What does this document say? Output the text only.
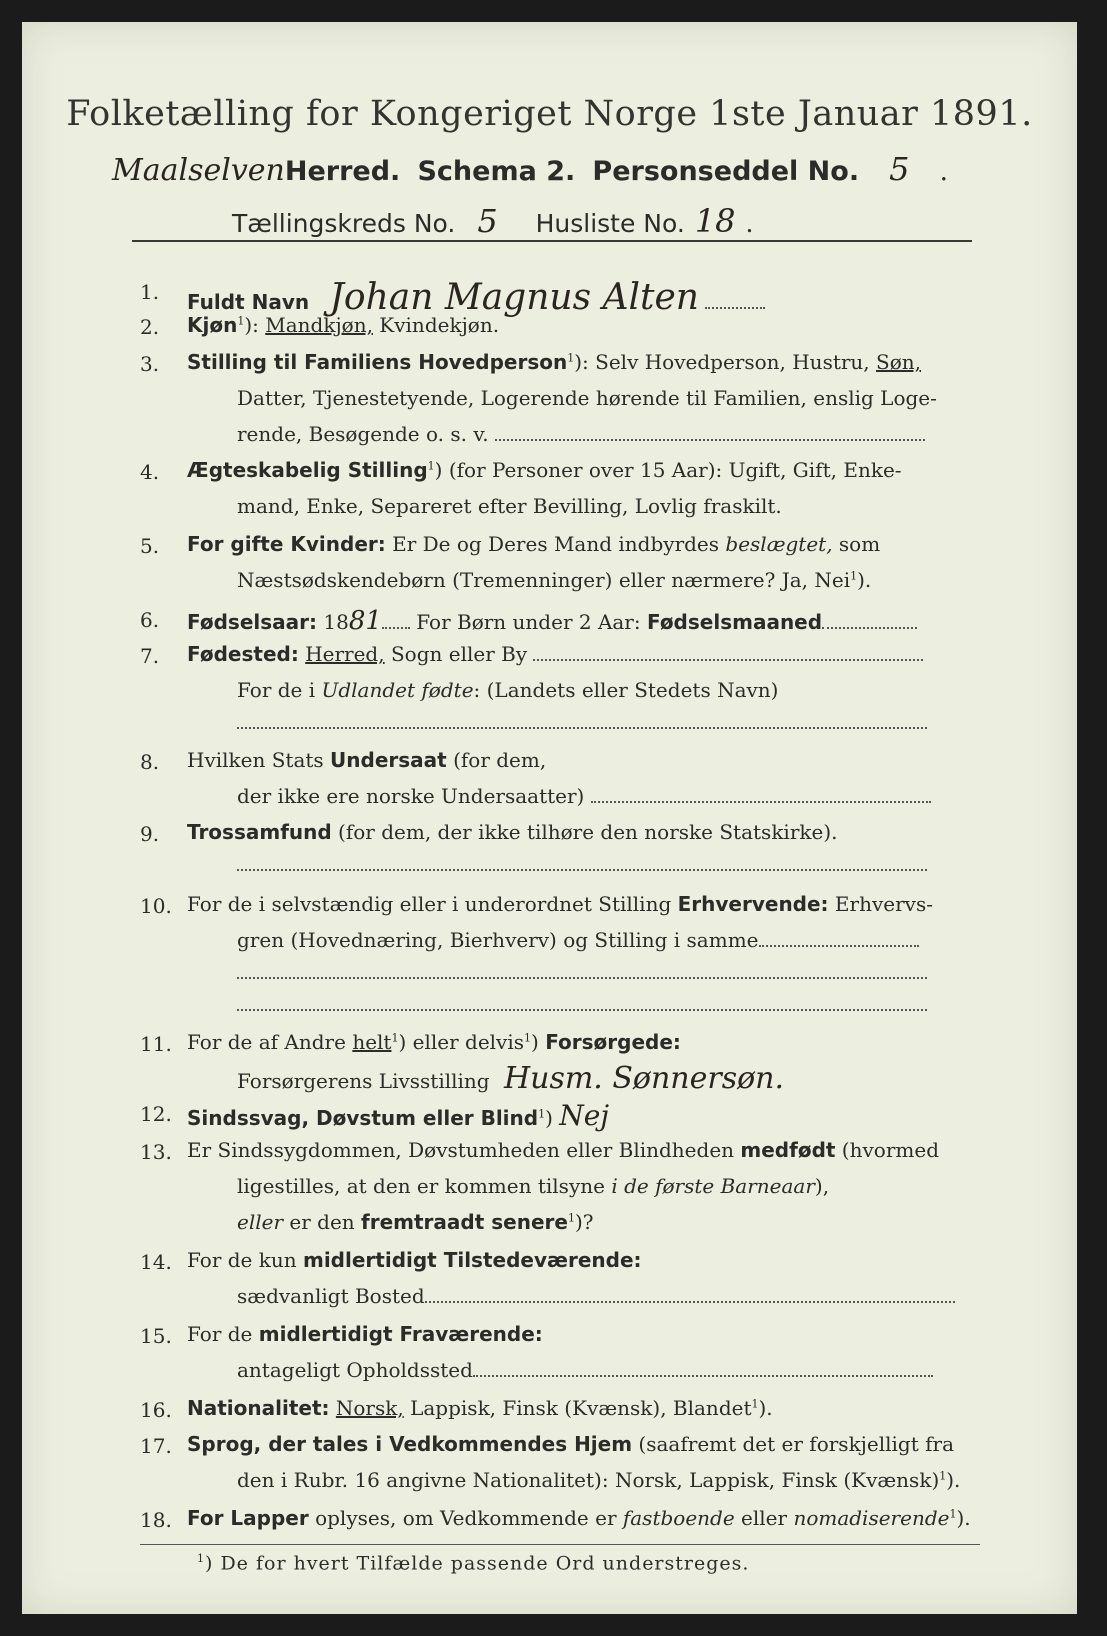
Folketælling for Kongeriget Norge 1ste Januar 1891.
MaalselvenHerred. Schema 2. Personseddel No. 5 .
Tællingskreds No. 5 Husliste No. 18 .
1. Fuldt Navn Johan Magnus Alten
2. Kjøn$^1$): Mandkjøn, Kvindekjøn.
3. Stilling til Familiens Hovedperson$^1$): Selv Hovedperson, Hustru, Søn,
Datter, Tjenestetyende, Logerende hørende til Familien, enslig Loge-
rende, Besøgende o. s. v.
4. Ægteskabelig Stilling$^1$) (for Personer over 15 Aar): Ugift, Gift, Enke-
mand, Enke, Separeret efter Bevilling, Lovlig fraskilt.
5. For gifte Kvinder: Er De og Deres Mand indbyrdes beslægtet, som
Næstsødskendebørn (Tremenninger) eller nærmere? Ja, Nei$^1$).
6. Fødselsaar: 1881 For Børn under 2 Aar: Fødselsmaaned
7. Fødested: Herred, Sogn eller By
For de i Udlandet fødte: (Landets eller Stedets Navn)
8. Hvilken Stats Undersaat (for dem,
der ikke ere norske Undersaatter)
9. Trossamfund (for dem, der ikke tilhøre den norske Statskirke).
10. For de i selvstændig eller i underordnet Stilling Erhvervende: Erhvervs-
gren (Hovednæring, Bierhverv) og Stilling i samme
11. For de af Andre helt$^1$) eller delvis$^1$) Forsørgede:
Forsørgerens Livsstilling Husm. Sønnersøn.
12. Sindssvag, Døvstum eller Blind$^1$) Nej
13. Er Sindssygdommen, Døvstumheden eller Blindheden medfødt (hvormed
ligestilles, at den er kommen tilsyne i de første Barneaar),
eller er den fremtraadt senere$^1$)?
14. For de kun midlertidigt Tilstedeværende:
sædvanligt Bosted
15. For de midlertidigt Fraværende:
antageligt Opholdssted
16. Nationalitet: Norsk, Lappisk, Finsk (Kvænsk), Blandet$^1$).
17. Sprog, der tales i Vedkommendes Hjem (saafremt det er forskjelligt fra
den i Rubr. 16 angivne Nationalitet): Norsk, Lappisk, Finsk (Kvænsk)$^1$).
18. For Lapper oplyses, om Vedkommende er fastboende eller nomadiserende$^1$).
$^1$) De for hvert Tilfælde passende Ord understreges.
